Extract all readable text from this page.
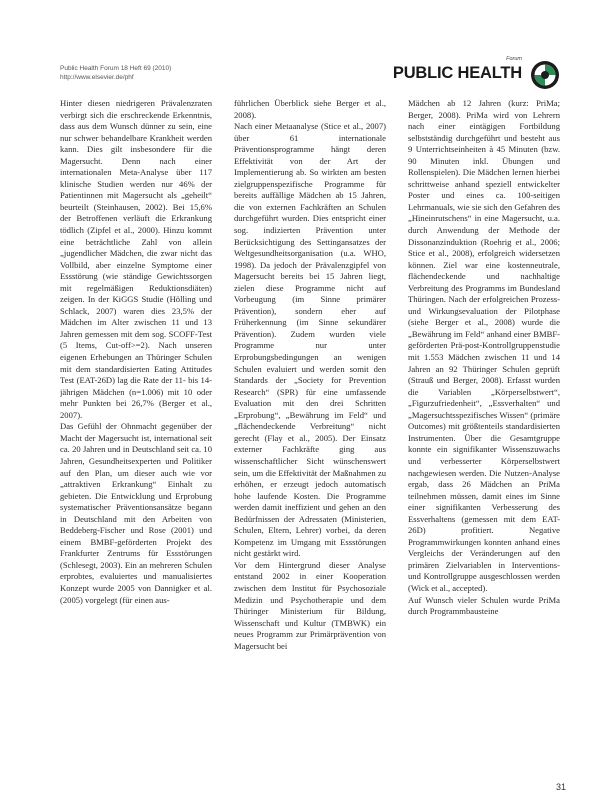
Public Health Forum 18 Heft 69 (2010)
http://www.elsevier.de/phf
Forum
PUBLIC HEALTH

Hinter diesen niedrigeren Prävalenzraten verbirgt sich die erschreckende Erkenntnis, dass aus dem Wunsch dünner zu sein, eine nur schwer behandelbare Krankheit werden kann. Dies gilt insbesondere für die Magersucht. Denn nach einer internationalen Meta-Analyse über 117 klinische Studien werden nur 46% der Patientinnen mit Magersucht als „geheilt“ beurteilt (Steinhausen, 2002). Bei 15,6% der Betroffenen verläuft die Erkrankung tödlich (Zipfel et al., 2000). Hinzu kommt eine beträchtliche Zahl von allein „jugendlicher Mädchen, die zwar nicht das Vollbild, aber einzelne Symptome einer Essstörung (wie ständige Gewichtssorgen mit regelmäßigen Reduktionsdiäten) zeigen. In der KiGGS Studie (Hölling und Schlack, 2007) waren dies 23,5% der Mädchen im Alter zwischen 11 und 13 Jahren gemessen mit dem sog. SCOFF-Test (5 Items, Cut-off>=2). Nach unseren eigenen Erhebungen an Thüringer Schulen mit dem standardisierten Eating Attitudes Test (EAT-26D) lag die Rate der 11- bis 14-jährigen Mädchen (n=1.006) mit 10 oder mehr Punkten bei 26,7% (Berger et al., 2007).

Das Gefühl der Ohnmacht gegenüber der Macht der Magersucht ist, international seit ca. 20 Jahren und in Deutschland seit ca. 10 Jahren, Gesundheitsexperten und Politiker auf den Plan, um dieser auch wie vor „attraktiven Erkrankung“ Einhalt zu gebieten. Die Entwicklung und Erprobung systematischer Präventionsansätze begann in Deutschland mit den Arbeiten von Beddeberg-Fischer und Rose (2001) und einem BMBF-geförderten Projekt des Frankfurter Zentrums für Essstörungen (Schlesegt, 2003). Ein an mehreren Schulen erprobtes, evaluiertes und manualisiertes Konzept wurde 2005 von Dannigker et al. (2005) vorgelegt (für einen aus-

führlichen Überblick siehe Berger et al., 2008).

Nach einer Metaanalyse (Stice et al., 2007) über 61 internationale Präventionsprogramme hängt deren Effektivität von der Art der Implementierung ab. So wirkten am besten zielgruppenspezifische Programme für bereits auffällige Mädchen ab 15 Jahren, die von externen Fachkräften an Schulen durchgeführt wurden. Dies entspricht einer sog. indizierten Prävention unter Berücksichtigung des Settingansatzes der Weltgesundheitsorganisation (u.a. WHO, 1998). Da jedoch der Prävalenzgipfel von Magersucht bereits bei 15 Jahren liegt, zielen diese Programme nicht auf Vorbeugung (im Sinne primärer Prävention), sondern eher auf Früherkennung (im Sinne sekundärer Prävention). Zudem wurden viele Programme nur unter Erprobungsbedingungen an wenigen Schulen evaluiert und werden somit den Standards der „Society for Prevention Research“ (SPR) für eine umfassende Evaluation mit den drei Schritten „Erprobung“, „Bewährung im Feld“ und „flächendeckende Verbreitung“ nicht gerecht (Flay et al., 2005). Der Einsatz externer Fachkräfte ging aus wissenschaftlicher Sicht wünschenswert sein, um die Effektivität der Maßnahmen zu erhöhen, er erzeugt jedoch automatisch hohe laufende Kosten. Die Programme werden damit ineffizient und gehen an den Bedürfnissen der Adressaten (Ministerien, Schulen, Eltern, Lehrer) vorbei, da deren Kompetenz im Umgang mit Essstörungen nicht gestärkt wird.

Vor dem Hintergrund dieser Analyse entstand 2002 in einer Kooperation zwischen dem Institut für Psychosoziale Medizin und Psychotherapie und dem Thüringer Ministerium für Bildung, Wissenschaft und Kultur (TMBWK) ein neues Programm zur Primärprävention von Magersucht bei

Mädchen ab 12 Jahren (kurz: PriMa; Berger, 2008). PriMa wird von Lehrern nach einer eintägigen Fortbildung selbstständig durchgeführt und besteht aus 9 Unterrichtseinheiten à 45 Minuten (bzw. 90 Minuten inkl. Übungen und Rollenspielen). Die Mädchen lernen hierbei schrittweise anhand speziell entwickelter Poster und eines ca. 100-seitigen Lehrmanuals, wie sie sich den Gefahren des „Hineinrutschens“ in eine Magersucht, u.a. durch Anwendung der Methode der Dissonanzinduktion (Roehrig et al., 2006; Stice et al., 2008), erfolgreich widersetzen können. Ziel war eine kostenneutrale, flächendeckende und nachhaltige Verbreitung des Programms im Bundesland Thüringen. Nach der erfolgreichen Prozess- und Wirkungsevaluation der Pilotphase (siehe Berger et al., 2008) wurde die „Bewährung im Feld“ anhand einer BMBF-geförderten Prä-post-Kontrollgruppenstudie mit 1.553 Mädchen zwischen 11 und 14 Jahren an 92 Thüringer Schulen geprüft (Strauß und Berger, 2008). Erfasst wurden die Variablen „Körperselbstwert“, „Figurzufriedenheit“, „Essverhalten“ und „Magersuchtsspezifisches Wissen“ (primäre Outcomes) mit größtenteils standardisierten Instrumenten. Über die Gesamtgruppe konnte ein signifikanter Wissenszuwachs und verbesserter Körperselbstwert nachgewiesen werden. Die Nutzen-Analyse ergab, dass 26 Mädchen an PriMa teilnehmen müssen, damit eines im Sinne einer signifikanten Verbesserung des Essverhaltens (gemessen mit dem EAT-26D) profitiert. Negative Programmwirkungen konnten anhand eines Vergleichs der Veränderungen auf den primären Zielvariablen in Interventions- und Kontrollgruppe ausgeschlossen werden (Wick et al., accepted).

Auf Wunsch vieler Schulen wurde PriMa durch Programmbausteine

31
